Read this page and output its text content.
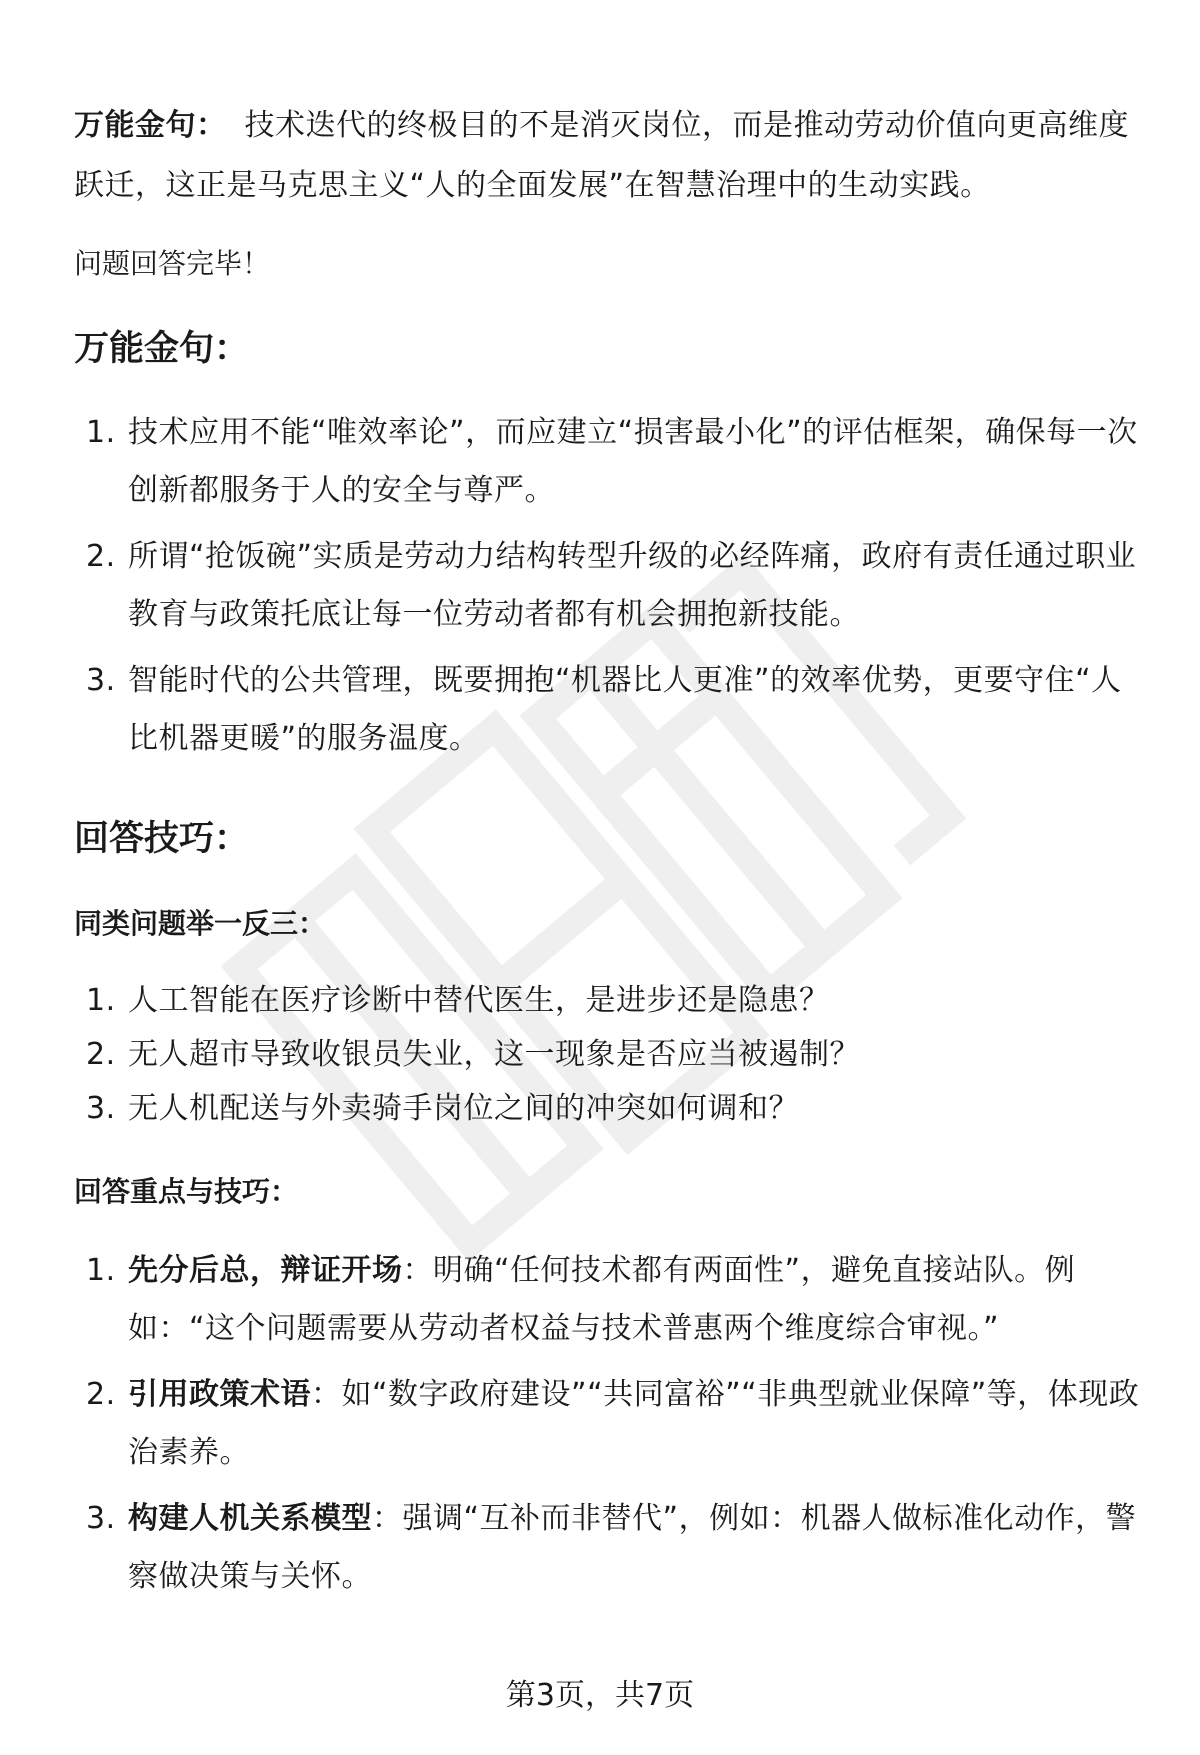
万能金句： 技术迭代的终极目的不是消灭岗位，而是推动劳动价值向更高维度跃迁，这正是马克思主义“人的全面发展”在智慧治理中的生动实践。

问题回答完毕！
万能金句：
1. 技术应用不能“唯效率论”，而应建立“损害最小化”的评估框架，确保每一次创新都服务于人的安全与尊严。
2. 所谓“抢饭碗”实质是劳动力结构转型升级的必经阵痛，政府有责任通过职业教育与政策托底让每一位劳动者都有机会拥抱新技能。
3. 智能时代的公共管理，既要拥抱“机器比人更准”的效率优势，更要守住“人比机器更暖”的服务温度。
回答技巧：
同类问题举一反三：
1. 人工智能在医疗诊断中替代医生，是进步还是隐患？
2. 无人超市导致收银员失业，这一现象是否应当被遏制？
3. 无人机配送与外卖骑手岗位之间的冲突如何调和？
回答重点与技巧：
1. 先分后总，辩证开场：明确“任何技术都有两面性”，避免直接站队。例如：“这个问题需要从劳动者权益与技术普惠两个维度综合审视。”
2. 引用政策术语：如“数字政府建设”“共同富裕”“非典型就业保障”等，体现政治素养。
3. 构建人机关系模型：强调“互补而非替代”，例如：机器人做标准化动作，警察做决策与关怀。
第3页，共7页
